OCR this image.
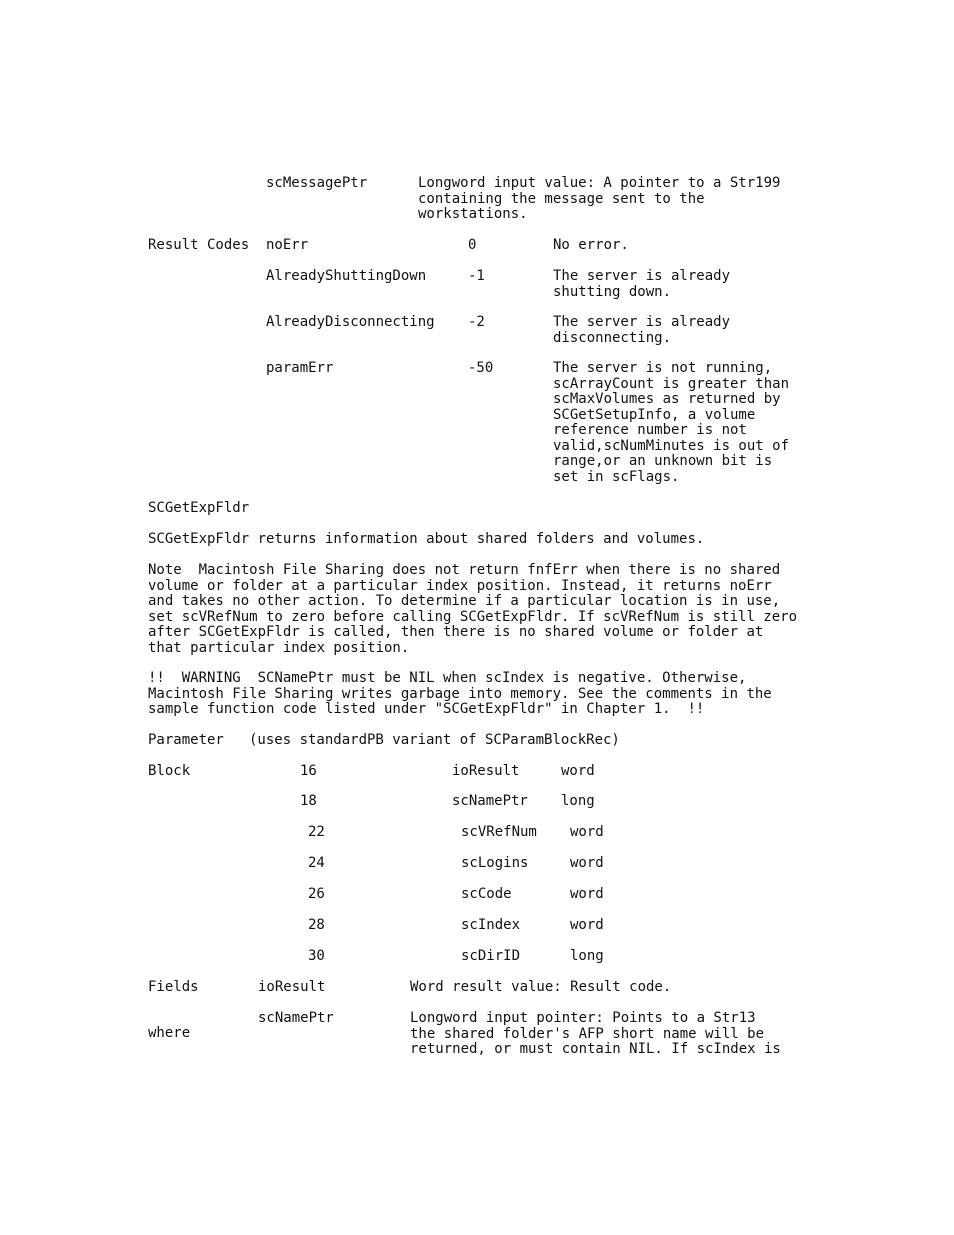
scMessagePtr	Longword input value: A pointer to a Str199
containing the message sent to the
workstations.

Result Codes noErr	0	No error.

AlreadyShuttingDown	-1	The server is already
shutting down.

AlreadyDisconnecting -2	The server is already
disconnecting.

paramErr	-50	The server is not running,
scArrayCount is greater than
scMaxVolumes as returned by
SCGetSetupInfo, a volume
reference number is not
valid,scNumMinutes is out of
range,or an unknown bit is
set in scFlags.

SCGetExpFldr

SCGetExpFldr returns information about shared folders and volumes.

Note  Macintosh File Sharing does not return fnfErr when there is no shared
volume or folder at a particular index position. Instead, it returns noErr
and takes no other action. To determine if a particular location is in use,
set scVRefNum to zero before calling SCGetExpFldr. If scVRefNum is still zero
after SCGetExpFldr is called, then there is no shared volume or folder at
that particular index position.

!!  WARNING  SCNamePtr must be NIL when scIndex is negative. Otherwise,
Macintosh File Sharing writes garbage into memory. See the comments in the
sample function code listed under "SCGetExpFldr" in Chapter 1.  !!

Parameter (uses standardPB variant of SCParamBlockRec)

Block	16	ioResult	word

18	scNamePtr long

22	scVRefNum word

24	scLogins	word

26	scCode	word

28	scIndex	word

30	scDirID	long

Fields	ioResult	Word result value: Result code.

scNamePtr	Longword input pointer: Points to a Str13
the shared folder's AFP short name will be
returned, or must contain NIL. If scIndex is

where
